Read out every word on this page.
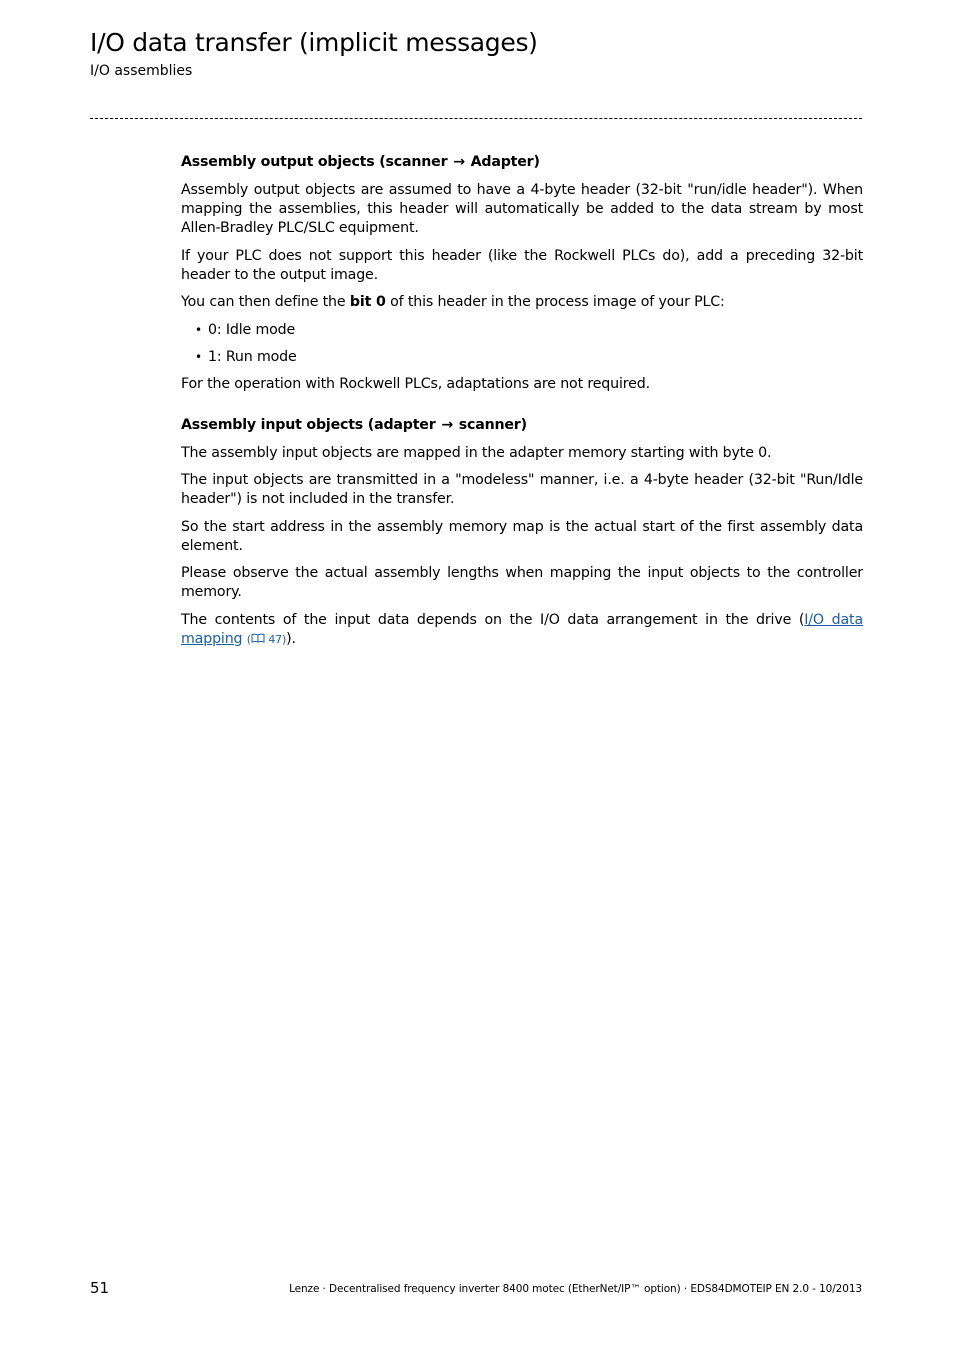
I/O data transfer (implicit messages)
I/O assemblies
Assembly output objects (scanner → Adapter)

Assembly output objects are assumed to have a 4-byte header (32-bit "run/idle header"). When mapping the assemblies, this header will automatically be added to the data stream by most Allen-Bradley PLC/SLC equipment.

If your PLC does not support this header (like the Rockwell PLCs do), add a preceding 32-bit header to the output image.

You can then define the bit 0 of this header in the process image of your PLC:

• 0: Idle mode
• 1: Run mode

For the operation with Rockwell PLCs, adaptations are not required.

Assembly input objects (adapter → scanner)

The assembly input objects are mapped in the adapter memory starting with byte 0.

The input objects are transmitted in a "modeless" manner, i.e. a 4-byte header (32-bit "Run/Idle header") is not included in the transfer.

So the start address in the assembly memory map is the actual start of the first assembly data element.

Please observe the actual assembly lengths when mapping the input objects to the controller memory.

The contents of the input data depends on the I/O data arrangement in the drive (I/O data mapping ( 47)).

51	Lenze · Decentralised frequency inverter 8400 motec (EtherNet/IP™ option) · EDS84DMOTEIP EN 2.0 - 10/2013
